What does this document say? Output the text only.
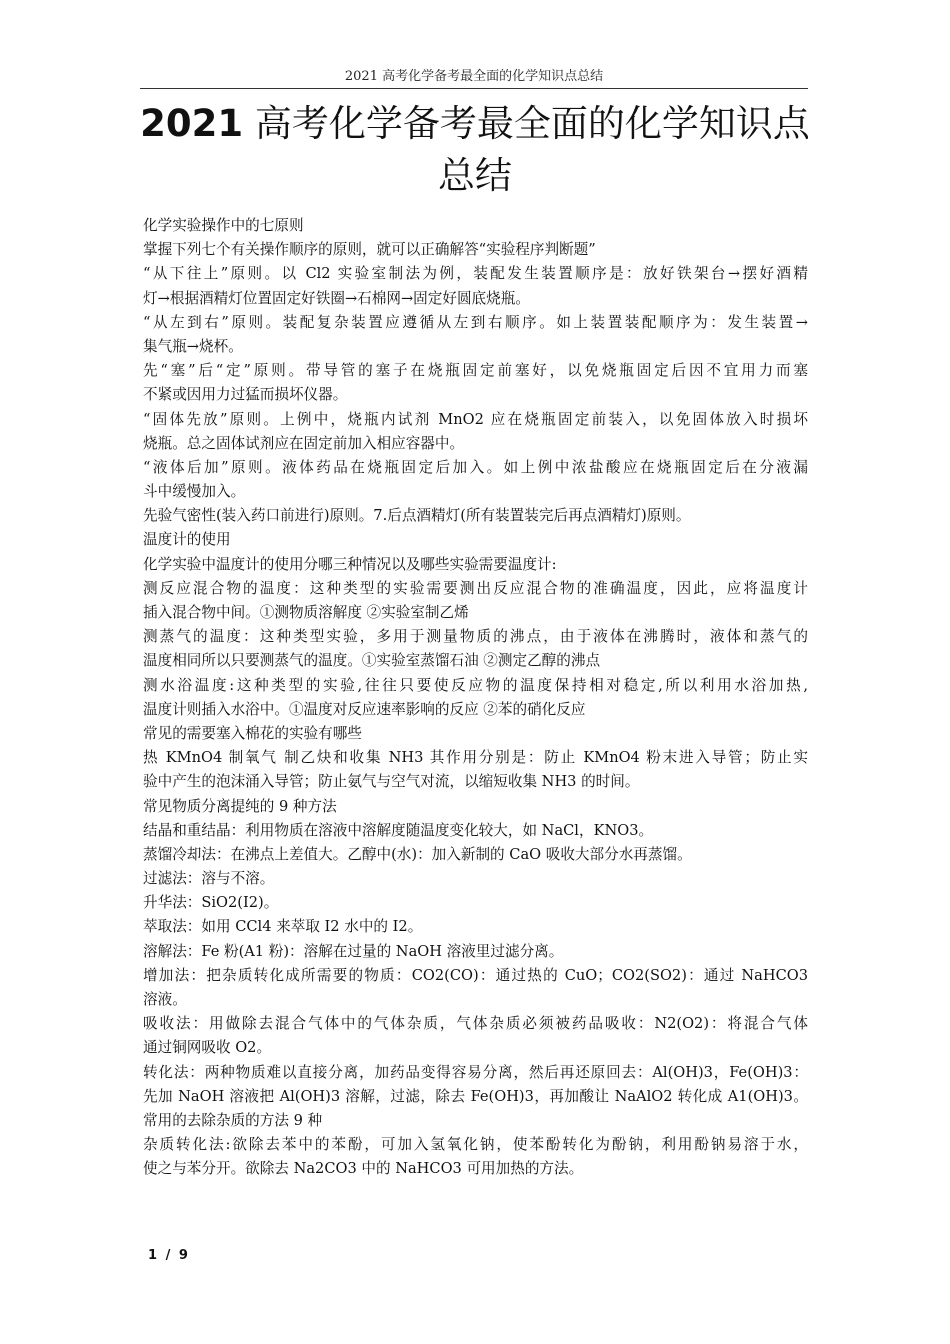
2021 高考化学备考最全面的化学知识点总结
2021 高考化学备考最全面的化学知识点
总结
化学实验操作中的七原则
掌握下列七个有关操作顺序的原则，就可以正确解答“实验程序判断题”
“从下往上”原则。以 Cl2 实验室制法为例，装配发生装置顺序是：放好铁架台→摆好酒精
灯→根据酒精灯位置固定好铁圈→石棉网→固定好圆底烧瓶。
“从左到右”原则。装配复杂装置应遵循从左到右顺序。如上装置装配顺序为：发生装置→
集气瓶→烧杯。
先“塞”后“定”原则。带导管的塞子在烧瓶固定前塞好，以免烧瓶固定后因不宜用力而塞
不紧或因用力过猛而损坏仪器。
“固体先放”原则。上例中，烧瓶内试剂 MnO2 应在烧瓶固定前装入，以免固体放入时损坏
烧瓶。总之固体试剂应在固定前加入相应容器中。
“液体后加”原则。液体药品在烧瓶固定后加入。如上例中浓盐酸应在烧瓶固定后在分液漏
斗中缓慢加入。
先验气密性(装入药口前进行)原则。7.后点酒精灯(所有装置装完后再点酒精灯)原则。
温度计的使用
化学实验中温度计的使用分哪三种情况以及哪些实验需要温度计:
测反应混合物的温度：这种类型的实验需要测出反应混合物的准确温度，因此，应将温度计
插入混合物中间。①测物质溶解度 ②实验室制乙烯
测蒸气的温度：这种类型实验，多用于测量物质的沸点，由于液体在沸腾时，液体和蒸气的
温度相同所以只要测蒸气的温度。①实验室蒸馏石油 ②测定乙醇的沸点
测水浴温度:这种类型的实验,往往只要使反应物的温度保持相对稳定,所以利用水浴加热,
温度计则插入水浴中。①温度对反应速率影响的反应 ②苯的硝化反应
常见的需要塞入棉花的实验有哪些
热 KMnO4 制氧气 制乙炔和收集 NH3 其作用分别是：防止 KMnO4 粉末进入导管；防止实
验中产生的泡沫涌入导管；防止氨气与空气对流，以缩短收集 NH3 的时间。
常见物质分离提纯的 9 种方法
结晶和重结晶：利用物质在溶液中溶解度随温度变化较大，如 NaCl，KNO3。
蒸馏冷却法：在沸点上差值大。乙醇中(水)：加入新制的 CaO 吸收大部分水再蒸馏。
过滤法：溶与不溶。
升华法：SiO2(I2)。
萃取法：如用 CCl4 来萃取 I2 水中的 I2。
溶解法：Fe 粉(A1 粉)：溶解在过量的 NaOH 溶液里过滤分离。
增加法：把杂质转化成所需要的物质：CO2(CO)：通过热的 CuO；CO2(SO2)：通过 NaHCO3
溶液。
吸收法：用做除去混合气体中的气体杂质，气体杂质必须被药品吸收：N2(O2)：将混合气体
通过铜网吸收 O2。
转化法：两种物质难以直接分离，加药品变得容易分离，然后再还原回去：Al(OH)3，Fe(OH)3：
先加 NaOH 溶液把 Al(OH)3 溶解，过滤，除去 Fe(OH)3，再加酸让 NaAlO2 转化成 A1(OH)3。
常用的去除杂质的方法 9 种
杂质转化法:欲除去苯中的苯酚，可加入氢氧化钠，使苯酚转化为酚钠，利用酚钠易溶于水，
使之与苯分开。欲除去 Na2CO3 中的 NaHCO3 可用加热的方法。
1 / 9
